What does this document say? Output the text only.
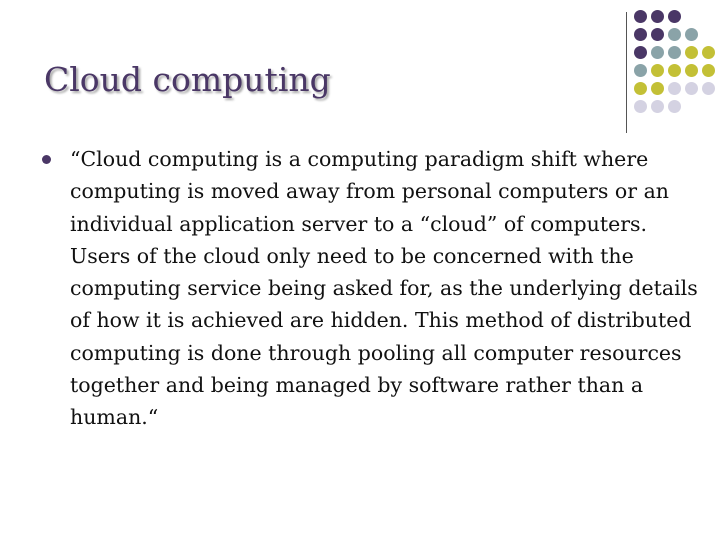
Cloud computing
“Cloud computing is a computing paradigm shift where computing is moved away from personal computers or an individual application server to a “cloud” of computers. Users of the cloud only need to be concerned with the computing service being asked for, as the underlying details of how it is achieved are hidden. This method of distributed computing is done through pooling all computer resources together and being managed by software rather than a human.“
